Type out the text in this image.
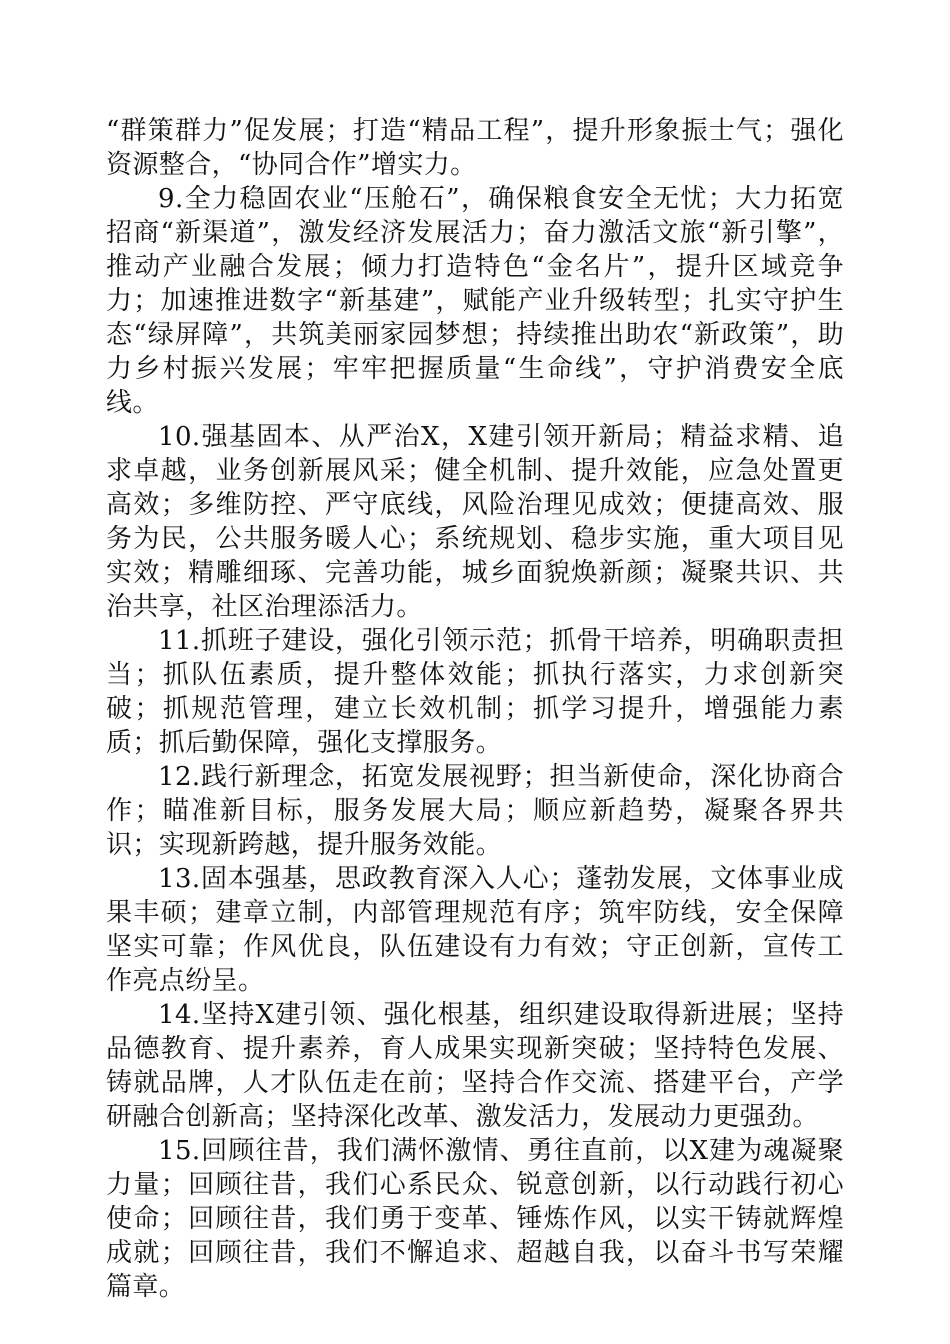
“群策群力”促发展；打造“精品工程”，提升形象振士气；强化资源整合，“协同合作”增实力。

9.全力稳固农业“压舱石”，确保粮食安全无忧；大力拓宽招商“新渠道”，激发经济发展活力；奋力激活文旅“新引擎”，推动产业融合发展；倾力打造特色“金名片”，提升区域竞争力；加速推进数字“新基建”，赋能产业升级转型；扎实守护生态“绿屏障”，共筑美丽家园梦想；持续推出助农“新政策”，助力乡村振兴发展；牢牢把握质量“生命线”，守护消费安全底线。

10.强基固本、从严治X，X建引领开新局；精益求精、追求卓越，业务创新展风采；健全机制、提升效能，应急处置更高效；多维防控、严守底线，风险治理见成效；便捷高效、服务为民，公共服务暖人心；系统规划、稳步实施，重大项目见实效；精雕细琢、完善功能，城乡面貌焕新颜；凝聚共识、共治共享，社区治理添活力。

11.抓班子建设，强化引领示范；抓骨干培养，明确职责担当；抓队伍素质，提升整体效能；抓执行落实，力求创新突破；抓规范管理，建立长效机制；抓学习提升，增强能力素质；抓后勤保障，强化支撑服务。

12.践行新理念，拓宽发展视野；担当新使命，深化协商合作；瞄准新目标，服务发展大局；顺应新趋势，凝聚各界共识；实现新跨越，提升服务效能。

13.固本强基，思政教育深入人心；蓬勃发展，文体事业成果丰硕；建章立制，内部管理规范有序；筑牢防线，安全保障坚实可靠；作风优良，队伍建设有力有效；守正创新，宣传工作亮点纷呈。

14.坚持X建引领、强化根基，组织建设取得新进展；坚持品德教育、提升素养，育人成果实现新突破；坚持特色发展、铸就品牌，人才队伍走在前；坚持合作交流、搭建平台，产学研融合创新高；坚持深化改革、激发活力，发展动力更强劲。

15.回顾往昔，我们满怀激情、勇往直前，以X建为魂凝聚力量；回顾往昔，我们心系民众、锐意创新，以行动践行初心使命；回顾往昔，我们勇于变革、锤炼作风，以实干铸就辉煌成就；回顾往昔，我们不懈追求、超越自我，以奋斗书写荣耀篇章。
